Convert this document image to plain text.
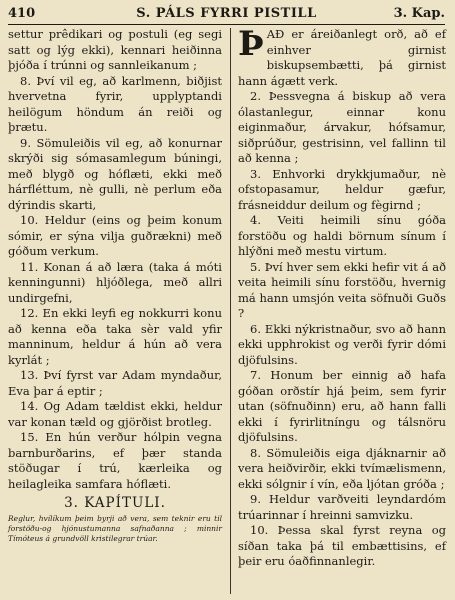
410	S. PÁLS FYRRI PISTILL	3. Kap.

settur prêdikari og postuli (eg segi satt og lýg ekki), kennari heiðinna þjóða í trúnni og sannleikanum ;

8. Því vil eg, að karlmenn, biðjist hvervetna fyrir, upplyptandi heilögum höndum án reiði og þrætu.

9. Sömuleiðis vil eg, að konurnar skrýði sig sómasamlegum búningi, með blygð og hóflæti, ekki með hárfléttum, nè gulli, nè perlum eða dýrindis skarti,

10. Heldur (eins og þeim konum sómir, er sýna vilja guðrækni) með góðum verkum.

11. Konan á að læra (taka á móti kenningunni) hljóðlega, með allri undirgefni,

12. En ekki leyfi eg nokkurri konu að kenna eða taka sèr vald yfir manninum, heldur á hún að vera kyrlát ;

13. Því fyrst var Adam myndaður, Eva þar á eptir ;

14. Og Adam tældist ekki, heldur var konan tæld og gjörðist brotleg.

15. En hún verður hólpin vegna barnburðarins, ef þær standa stöðugar í trú, kærleika og heilagleika samfara hóflæti.

3. KAPÍTULI.

Reglur, hvílíkum þeim byrji að vera, sem teknir eru til forstöðu-og hjónustumanna safnaðanna ; minnir Tímóteus á grundvöll kristilegrar trúar.

ÞAÐ er áreiðanlegt orð, að ef einhver girnist biskupsembætti, þá girnist hann ágætt verk.

2. Þessvegna á biskup að vera ólastanlegur, einnar konu eiginmaður, árvakur, hófsamur, siðprúður, gestrisinn, vel fallinn til að kenna ;

3. Enhvorki drykkjumaður, nè ofstopasamur, heldur gæfur, frásneiddur deilum og fègirnd ;

4. Veiti heimili sínu góða forstöðu og haldi börnum sínum í hlýðni með mestu virtum.

5. Því hver sem ekki hefir vit á að veita heimili sínu forstöðu, hvernig má hann umsjón veita söfnuði Guðs ?

6. Ekki nýkristnaður, svo að hann ekki upphrokist og verði fyrir dómi djöfulsins.

7. Honum ber einnig að hafa góðan orðstír hjá þeim, sem fyrir utan (söfnuðinn) eru, að hann falli ekki í fyrirlitníngu og tálsnöru djöfulsins.

8. Sömuleiðis eiga djáknarnir að vera heiðvirðir, ekki tvímælismenn, ekki sólgnir í vín, eða ljótan gróða ;

9. Heldur varðveiti leyndardóm trúarinnar í hreinni samvizku.

10. Þessa skal fyrst reyna og síðan taka þá til embættisins, ef þeir eru óaðfinnanlegir.
